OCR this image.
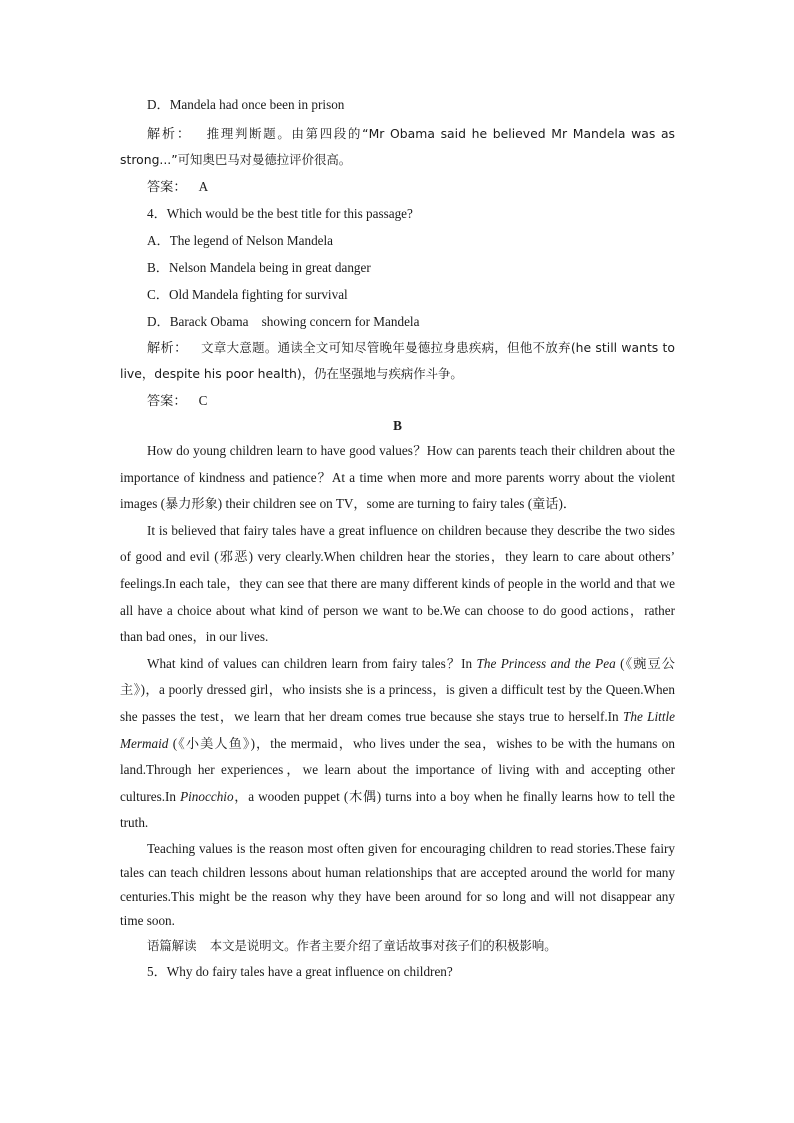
D．Mandela had once been in prison

解析：  推理判断题。由第四段的“Mr Obama said he believed Mr Mandela was as strong...”可知奥巴马对曼德拉评价很高。

答案： A
4．Which would be the best title for this passage?
A．The legend of Nelson Mandela
B．Nelson Mandela being in great danger
C．Old Mandela fighting for survival
D．Barack Obama　showing concern for Mandela

解析：  文章大意题。通读全文可知尽管晚年曼德拉身患疾病，但他不放弃(he still wants to live，despite his poor health)，仍在坚强地与疾病作斗争。

答案： C
B

How do young children learn to have good values？How can parents teach their children about the importance of kindness and patience？At a time when more and more parents worry about the violent images (暴力形象) their children see on TV，some are turning to fairy tales (童话)．

It is believed that fairy tales have a great influence on children because they describe the two sides of good and evil (邪恶) very clearly.When children hear the stories，they learn to care about others’ feelings.In each tale，they can see that there are many different kinds of people in the world and that we all have a choice about what kind of person we want to be.We can choose to do good actions，rather than bad ones，in our lives.

What kind of values can children learn from fairy tales？In The Princess and the Pea (《豌豆公主》)，a poorly dressed girl，who insists she is a princess，is given a difficult test by the Queen.When she passes the test，we learn that her dream comes true because she stays true to herself.In The Little Mermaid (《小美人鱼》)，the mermaid，who lives under the sea，wishes to be with the humans on land.Through her experiences，we learn about the importance of living with and accepting other cultures.In Pinocchio，a wooden puppet (木偶) turns into a boy when he finally learns how to tell the truth.

Teaching values is the reason most often given for encouraging children to read stories.These fairy tales can teach children lessons about human relationships that are accepted around the world for many centuries.This might be the reason why they have been around for so long and will not disappear any time soon.

语篇解读  本文是说明文。作者主要介绍了童话故事对孩子们的积极影响。
5．Why do fairy tales have a great influence on children?
